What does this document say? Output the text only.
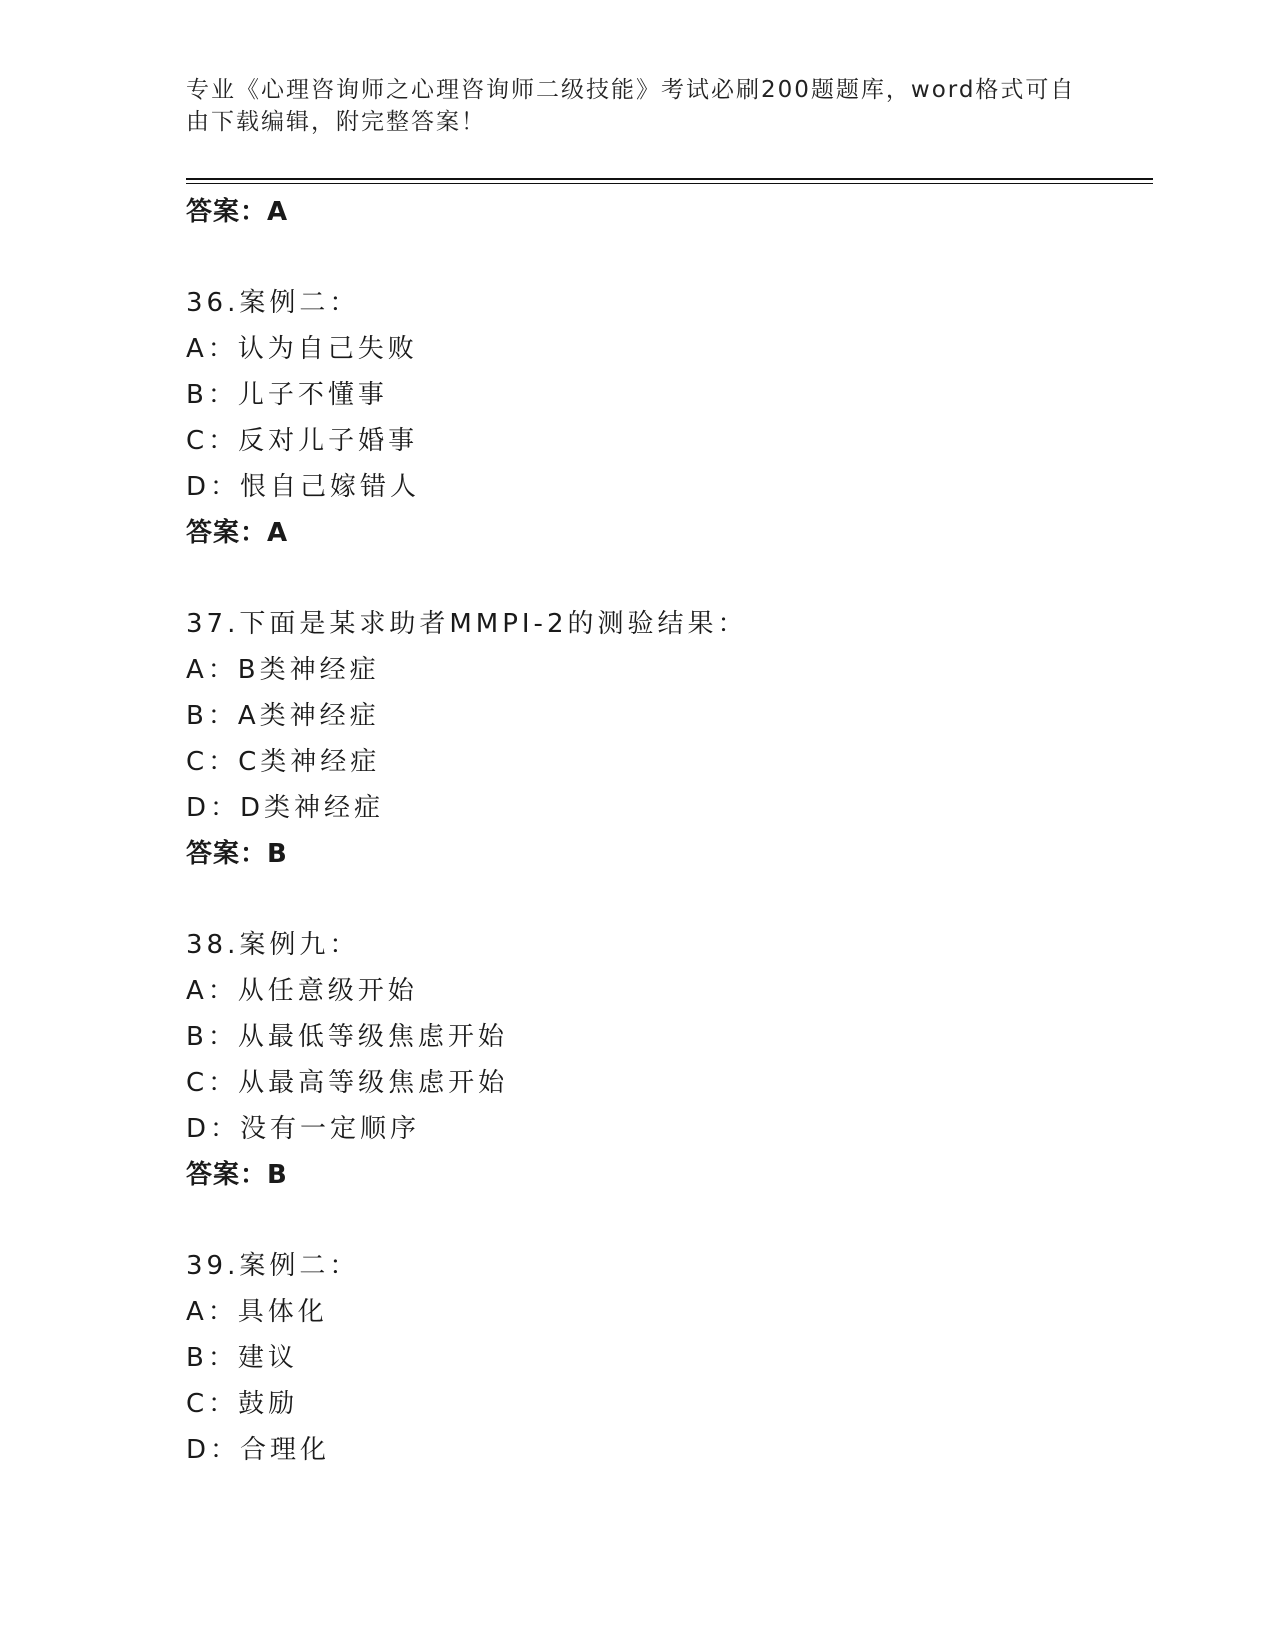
专业《心理咨询师之心理咨询师二级技能》考试必刷200题题库，word格式可自
由下载编辑，附完整答案！
答案：A
36.案例二：
A：认为自己失败
B：儿子不懂事
C：反对儿子婚事
D：恨自己嫁错人
答案：A
37.下面是某求助者MMPI-2的测验结果：
A：B类神经症
B：A类神经症
C：C类神经症
D：D类神经症
答案：B
38.案例九：
A：从任意级开始
B：从最低等级焦虑开始
C：从最高等级焦虑开始
D：没有一定顺序
答案：B
39.案例二：
A：具体化
B：建议
C：鼓励
D：合理化
